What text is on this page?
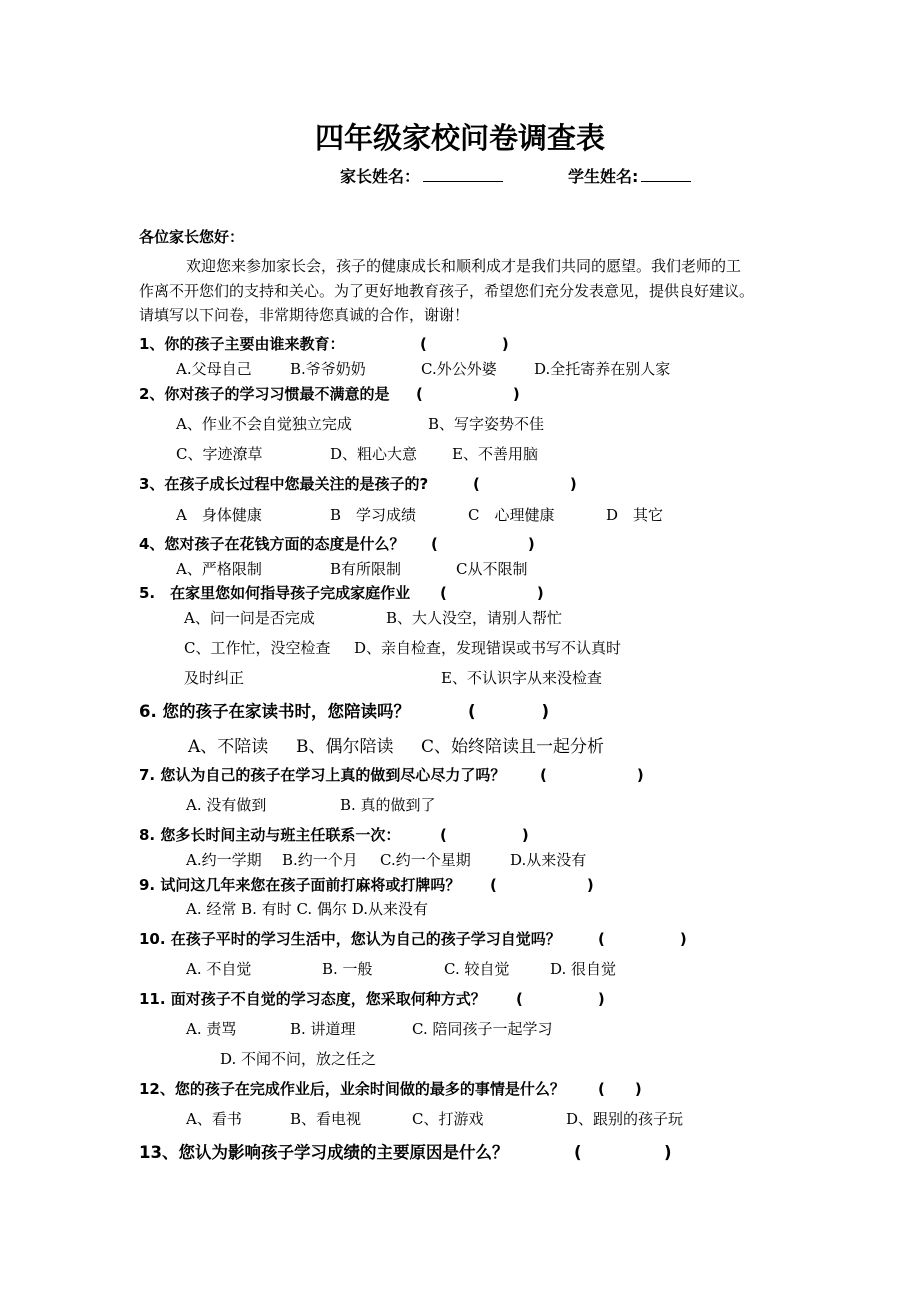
四年级家校问卷调查表
家长姓名：	学生姓名:
各位家长您好：
欢迎您来参加家长会，孩子的健康成长和顺利成才是我们共同的愿望。我们老师的工
作离不开您们的支持和关心。为了更好地教育孩子，希望您们充分发表意见，提供良好建议。
请填写以下问卷，非常期待您真诚的合作，谢谢！
1、你的孩子主要由谁来教育：	(　　　　　)
A.父母自己	B.爷爷奶奶	C.外公外婆 D.全托寄养在别人家
2、你对孩子的学习习惯最不满意的是 (　　　　　　)
A、作业不会自觉独立完成	B、写字姿势不佳
C、字迹潦草	D、粗心大意 E、不善用脑
3、在孩子成长过程中您最关注的是孩子的?	(　　　　　　)
A　身体健康	B　学习成绩	C　心理健康	D　其它
4、您对孩子在花钱方面的态度是什么？ (　　　　　　)
A、严格限制	B有所限制	C从不限制
5.　在家里您如何指导孩子完成家庭作业 (　　　　　　)
A、问一问是否完成	B、大人没空，请别人帮忙
C、工作忙，没空检查 D、亲自检查，发现错误或书写不认真时
及时纠正	E、不认识字从来没检查
6. 您的孩子在家读书时，您陪读吗？	(　　　　)
A、不陪读 B、偶尔陪读 C、始终陪读且一起分析
7. 您认为自己的孩子在学习上真的做到尽心尽力了吗？ (　　　　　　)
A. 没有做到	B. 真的做到了
8. 您多长时间主动与班主任联系一次：	(　　　　　)
A.约一学期 B.约一个月 C.约一个星期	D.从来没有
9. 试问这几年来您在孩子面前打麻将或打牌吗？ (　　　　　　)
A. 经常 B. 有时 C. 偶尔 D.从来没有
10. 在孩子平时的学习生活中，您认为自己的孩子学习自觉吗？ (　　　　　)
A. 不自觉	B. 一般	C. 较自觉	D. 很自觉
11. 面对孩子不自觉的学习态度，您采取何种方式？ (　　　　　)
A. 责骂	B. 讲道理	C. 陪同孩子一起学习
D. 不闻不问，放之任之
12、您的孩子在完成作业后，业余时间做的最多的事情是什么？ (　　)
A、看书	B、看电视	C、打游戏	D、跟别的孩子玩
13、您认为影响孩子学习成绩的主要原因是什么？	(　　　　　)
